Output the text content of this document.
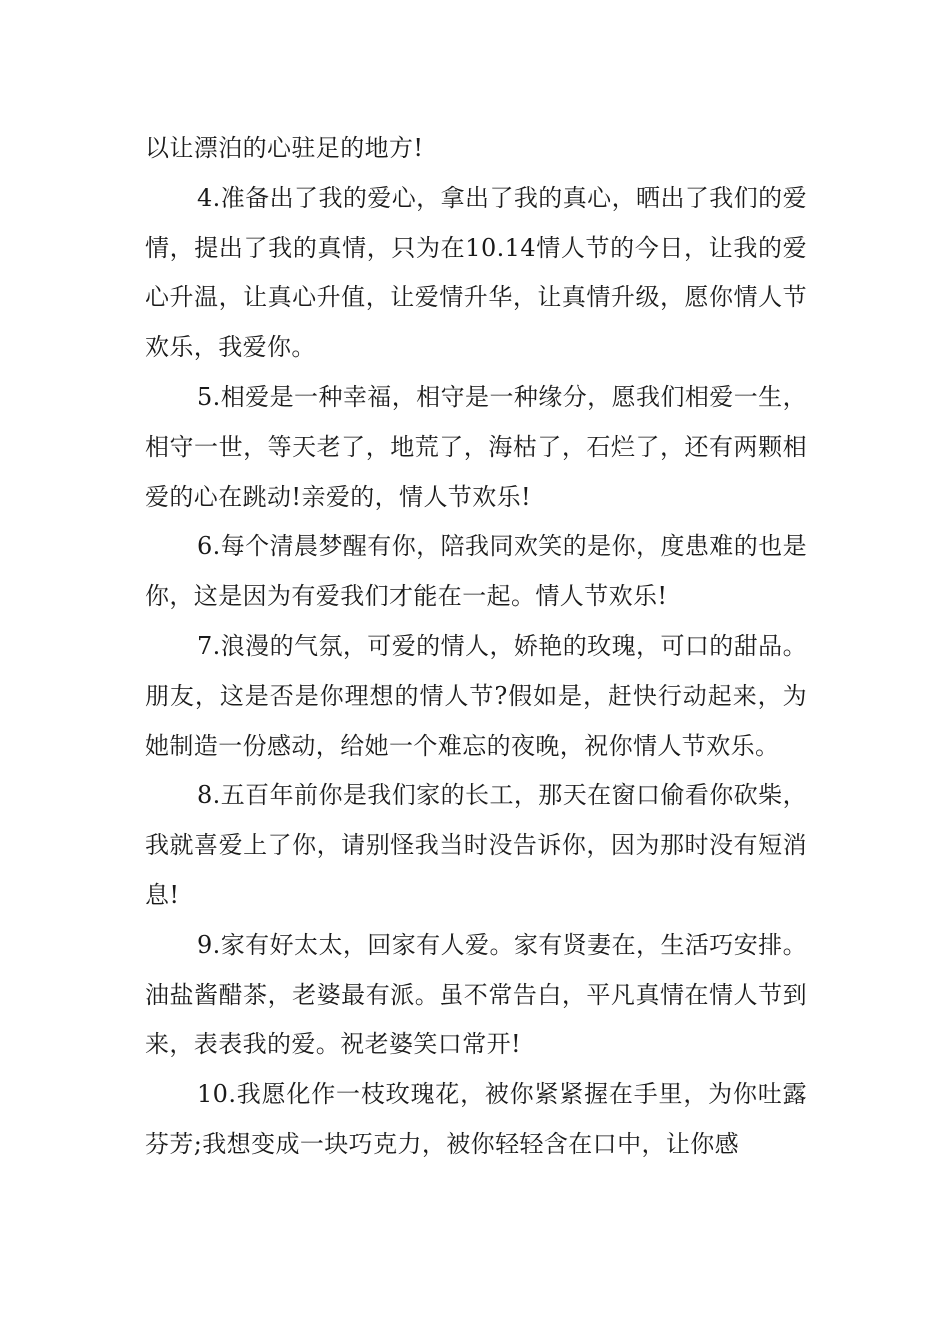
以让漂泊的心驻足的地方!

4.准备出了我的爱心，拿出了我的真心，晒出了我们的爱情，提出了我的真情，只为在10.14情人节的今日，让我的爱心升温，让真心升值，让爱情升华，让真情升级，愿你情人节欢乐，我爱你。

5.相爱是一种幸福，相守是一种缘分，愿我们相爱一生，相守一世，等天老了，地荒了，海枯了，石烂了，还有两颗相爱的心在跳动!亲爱的，情人节欢乐!

6.每个清晨梦醒有你，陪我同欢笑的是你，度患难的也是你，这是因为有爱我们才能在一起。情人节欢乐!

7.浪漫的气氛，可爱的情人，娇艳的玫瑰，可口的甜品。朋友，这是否是你理想的情人节?假如是，赶快行动起来，为她制造一份感动，给她一个难忘的夜晚，祝你情人节欢乐。

8.五百年前你是我们家的长工，那天在窗口偷看你砍柴，我就喜爱上了你，请别怪我当时没告诉你，因为那时没有短消息!

9.家有好太太，回家有人爱。家有贤妻在，生活巧安排。油盐酱醋茶，老婆最有派。虽不常告白，平凡真情在情人节到来，表表我的爱。祝老婆笑口常开!

10.我愿化作一枝玫瑰花，被你紧紧握在手里，为你吐露芬芳;我想变成一块巧克力，被你轻轻含在口中，让你感
